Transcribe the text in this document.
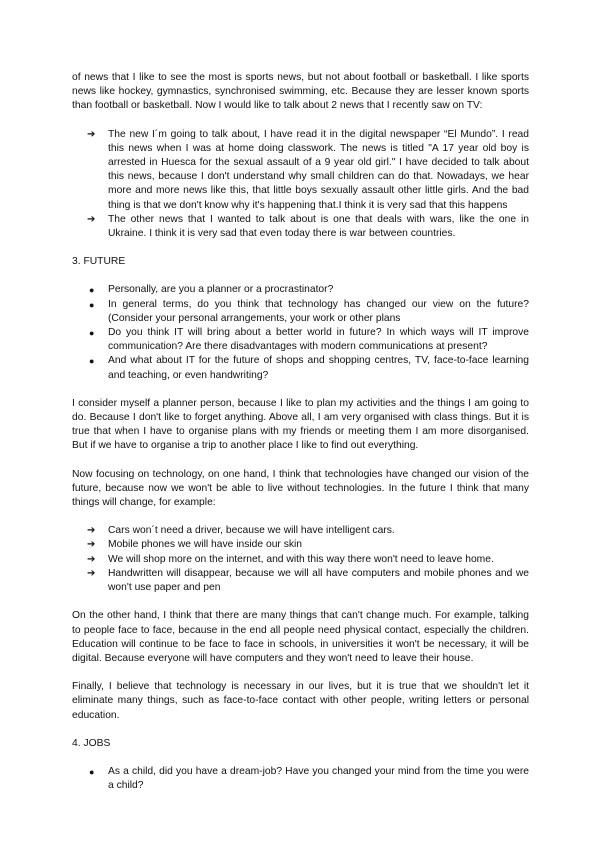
of news that I like to see the most is sports news, but not about football or basketball. I like sports news like hockey, gymnastics, synchronised swimming, etc. Because they are lesser known sports than football or basketball. Now I would like to talk about 2 news that I recently saw on TV:

➔ The new I´m going to talk about, I have read it in the digital newspaper “El Mundo”. I read this news when I was at home doing classwork. The news is titled "A 17 year old boy is arrested in Huesca for the sexual assault of a 9 year old girl." I have decided to talk about this news, because I don't understand why small children can do that. Nowadays, we hear more and more news like this, that little boys sexually assault other little girls. And the bad thing is that we don't know why it's happening that.I think it is very sad that this happens
➔ The other news that I wanted to talk about is one that deals with wars, like the one in Ukraine. I think it is very sad that even today there is war between countries.
3. FUTURE
● Personally, are you a planner or a procrastinator?
● In general terms, do you think that technology has changed our view on the future? (Consider your personal arrangements, your work or other plans
● Do you think IT will bring about a better world in future? In which ways will IT improve communication? Are there disadvantages with modern communications at present?
● And what about IT for the future of shops and shopping centres, TV, face-to-face learning and teaching, or even handwriting?

I consider myself a planner person, because I like to plan my activities and the things I am going to do. Because I don't like to forget anything. Above all, I am very organised with class things. But it is true that when I have to organise plans with my friends or meeting them I am more disorganised. But if we have to organise a trip to another place I like to find out everything.

Now focusing on technology, on one hand, I think that technologies have changed our vision of the future, because now we won't be able to live without technologies. In the future I think that many things will change, for example:

➔ Cars won´t need a driver, because we will have intelligent cars.
➔ Mobile phones we will have inside our skin
➔ We will shop more on the internet, and with this way there won't need to leave home.
➔ Handwritten will disappear, because we will all have computers and mobile phones and we won't use paper and pen

On the other hand, I think that there are many things that can't change much. For example, talking to people face to face, because in the end all people need physical contact, especially the children. Education will continue to be face to face in schools, in universities it won't be necessary, it will be digital. Because everyone will have computers and they won't need to leave their house.

Finally, I believe that technology is necessary in our lives, but it is true that we shouldn't let it eliminate many things, such as face-to-face contact with other people, writing letters or personal education.

4. JOBS
● As a child, did you have a dream-job? Have you changed your mind from the time you were a child?
